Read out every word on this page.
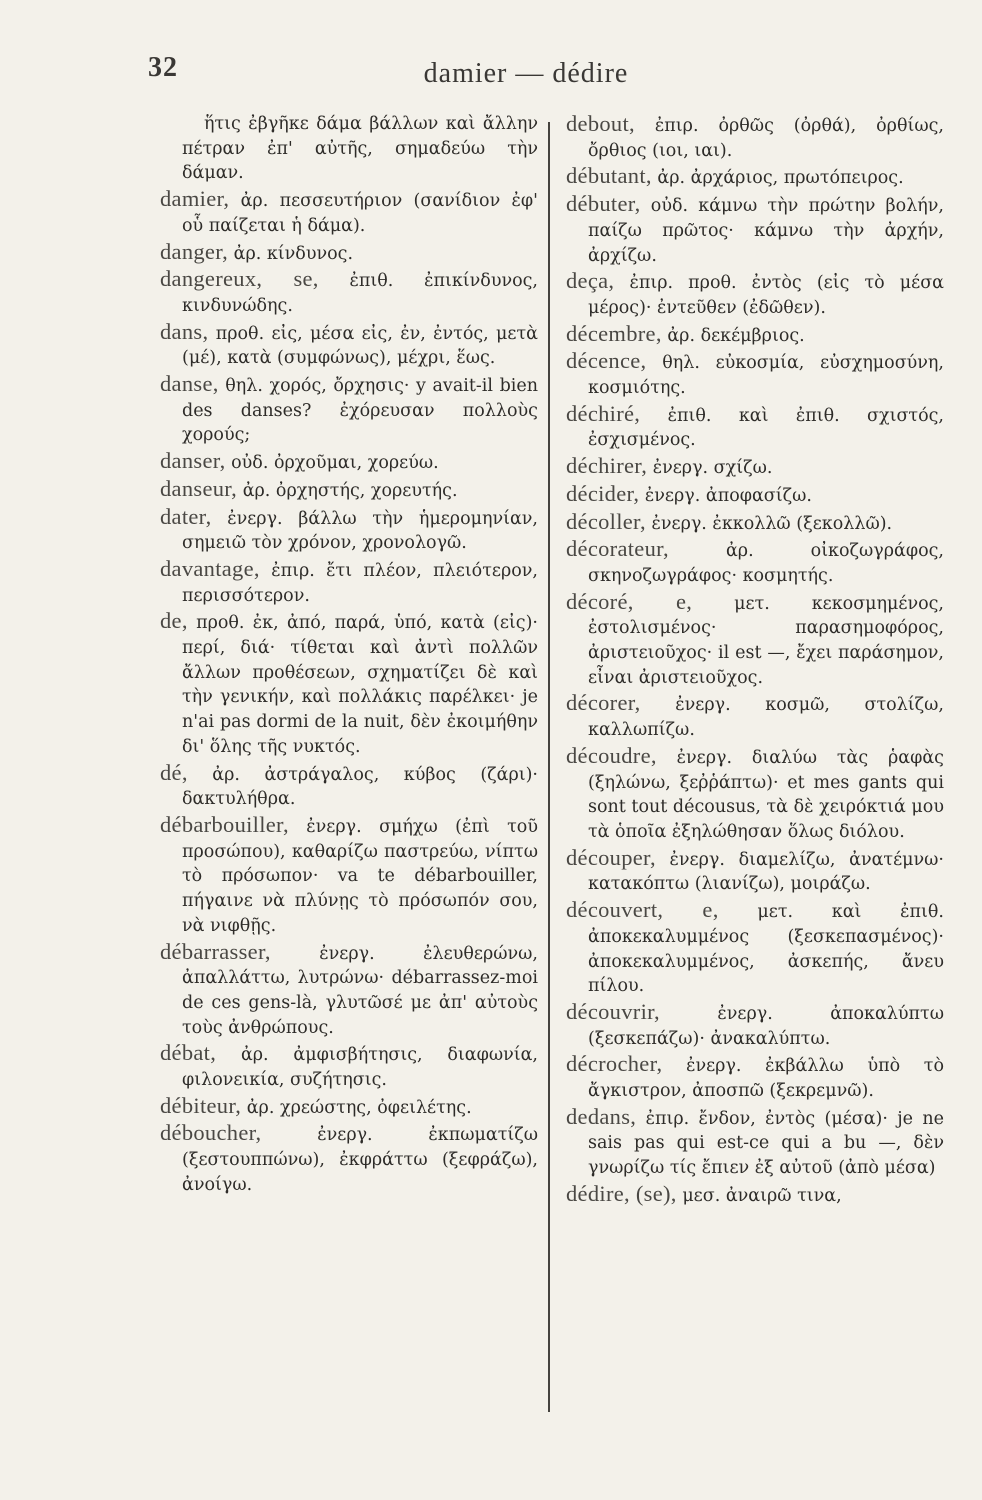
32	damier — dédire

ἥτις ἐβγῆκε δάμα βάλλων καὶ ἄλλην πέτραν ἐπ' αὐτῆς, σημαδεύω τὴν δάμαν.

damier, ἀρ. πεσσευτήριον (σανίδιον ἐφ' οὗ παίζεται ἡ δάμα).

danger, ἀρ. κίνδυνος.

dangereux, se, ἐπιθ. ἐπικίνδυνος, κινδυνώδης.

dans, προθ. εἰς, μέσα εἰς, ἐν, ἐντός, μετὰ (μέ), κατὰ (συμφώνως), μέχρι, ἕως.

danse, θηλ. χορός, ὄρχησις· y avait-il bien des danses? ἐχόρευσαν πολλοὺς χορούς;

danser, οὐδ. ὀρχοῦμαι, χορεύω.

danseur, ἀρ. ὀρχηστής, χορευτής.

dater, ἐνεργ. βάλλω τὴν ἡμερομηνίαν, σημειῶ τὸν χρόνον, χρονολογῶ.

davantage, ἐπιρ. ἔτι πλέον, πλειότερον, περισσότερον.

de, προθ. ἐκ, ἀπό, παρά, ὑπό, κατὰ (εἰς)· περί, διά· τίθεται καὶ ἀντὶ πολλῶν ἄλλων προθέσεων, σχηματίζει δὲ καὶ τὴν γενικήν, καὶ πολλάκις παρέλκει· je n'ai pas dormi de la nuit, δὲν ἐκοιμήθην δι' ὅλης τῆς νυκτός.

dé, ἀρ. ἀστράγαλος, κύβος (ζάρι)· δακτυλήθρα.

débarbouiller, ἐνεργ. σμήχω (ἐπὶ τοῦ προσώπου), καθαρίζω παστρεύω, νίπτω τὸ πρόσωπον· va te débarbouiller, πήγαινε νὰ πλύνῃς τὸ πρόσωπόν σου, νὰ νιφθῇς.

débarrasser,	ἐνεργ. ἐλευθερώνω, ἀπαλλάττω, λυτρώνω· débarrassez-moi de ces gens-là, γλυτῶσέ με ἀπ' αὐτοὺς τοὺς ἀνθρώπους.

débat, ἀρ. ἀμφισβήτησις, διαφωνία, φιλονεικία, συζήτησις.

débiteur, ἀρ. χρεώστης, ὀφειλέτης.

déboucher,	ἐνεργ. ἐκπωματίζω (ξεστουππώνω), ἐκφράττω (ξεφράζω), ἀνοίγω.

debout, ἐπιρ. ὀρθῶς (ὀρθά), ὀρθίως, ὄρθιος (ιοι, ιαι).

débutant, ἀρ. ἀρχάριος, πρωτόπειρος.

débuter, οὐδ. κάμνω τὴν πρώτην βολήν, παίζω πρῶτος· κάμνω τὴν ἀρχήν, ἀρχίζω.

deça, ἐπιρ. προθ. ἐντὸς (εἰς τὸ μέσα μέρος)· ἐντεῦθεν (ἐδῶθεν).

décembre, ἀρ. δεκέμβριος.

décence, θηλ. εὐκοσμία, εὐσχημοσύνη, κοσμιότης.

déchiré, ἐπιθ. καὶ ἐπιθ. σχιστός, ἐσχισμένος.

déchirer, ἐνεργ. σχίζω.

décider, ἐνεργ. ἀποφασίζω.

décoller, ἐνεργ. ἐκκολλῶ (ξεκολλῶ).

décorateur,	ἀρ. οἰκοζωγράφος, σκηνοζωγράφος· κοσμητής.

décoré, e, μετ. κεκοσμημένος, ἐστολισμένος· παρασημοφόρος, ἀριστειοῦχος· il est —, ἔχει παράσημον, εἶναι ἀριστειοῦχος.

décorer, ἐνεργ. κοσμῶ, στολίζω, καλλωπίζω.

découdre, ἐνεργ. διαλύω τὰς ῥαφὰς (ξηλώνω, ξεῤῥάπτω)· et mes gants qui sont tout décousus, τὰ δὲ χειρόκτιά μου τὰ ὁποῖα ἐξηλώθησαν ὅλως διόλου.

découper, ἐνεργ. διαμελίζω, ἀνατέμνω· κατακόπτω (λιανίζω), μοιράζω.

découvert, e, μετ. καὶ ἐπιθ. ἀποκεκαλυμμένος (ξεσκεπασμένος)· ἀποκεκαλυμμένος, ἀσκεπής, ἄνευ πίλου.

découvrir,	ἐνεργ. ἀποκαλύπτω (ξεσκεπάζω)· ἀνακαλύπτω.

décrocher, ἐνεργ. ἐκβάλλω ὑπὸ τὸ ἄγκιστρον, ἀποσπῶ (ξεκρεμνῶ).

dedans, ἐπιρ. ἔνδον, ἐντὸς (μέσα)· je ne sais pas qui est-ce qui a bu —, δὲν γνωρίζω τίς ἔπιεν ἐξ αὐτοῦ (ἀπὸ μέσα)

dédire, (se), μεσ. ἀναιρῶ τινα,
